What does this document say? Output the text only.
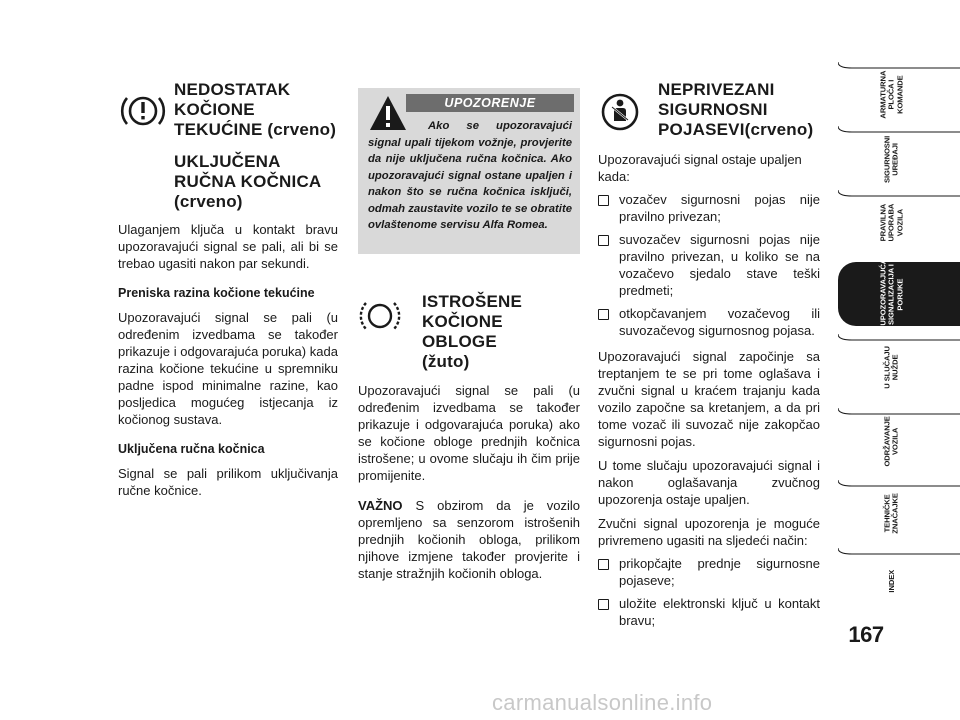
NEDOSTATAK
KOČIONE
TEKUĆINE (crveno)
UKLJUČENA
RUČNA KOČNICA
(crveno)

Ulaganjem ključa u kontakt bravu upozoravajući signal se pali, ali bi se trebao ugasiti nakon par sekundi.

Preniska razina kočione tekućine

Upozoravajući signal se pali (u određenim izvedbama se također prikazuje i odgovarajuća poruka) kada razina kočione tekućine u spremniku padne ispod minimalne razine, kao posljedica mogućeg istjecanja iz kočionog sustava.

Uključena ručna kočnica

Signal se pali prilikom uključivanja ručne kočnice.

UPOZORENJE
Ako se upozoravajući signal upali tijekom vožnje, provjerite da nije uključena ručna kočnica. Ako upozoravajući signal ostane upaljen i nakon što se ručna kočnica isključi, odmah zaustavite vozilo te se obratite ovlaštenome servisu Alfa Romea.
ISTROŠENE
KOČIONE OBLOGE
(žuto)

Upozoravajući signal se pali (u određenim izvedbama se također prikazuje i odgovarajuća poruka) ako se kočione obloge prednjih kočnica istrošene; u ovome slučaju ih čim prije promijenite.

VAŽNO S obzirom da je vozilo opremljeno sa senzorom istrošenih prednjih kočionih obloga, prilikom njihove izmjene također provjerite i stanje stražnjih kočionih obloga.

NEPRIVEZANI
SIGURNOSNI
POJASEVI(crveno)

Upozoravajući signal ostaje upaljen kada:

vozačev sigurnosni pojas nije pravilno privezan;
suvozačev sigurnosni pojas nije pravilno privezan, u koliko se na vozačevo sjedalo stave teški predmeti;
otkopčavanjem vozačevog ili suvozačevog sigurnosnog pojasa.

Upozoravajući signal započinje sa treptanjem te se pri tome oglašava i zvučni signal u kraćem trajanju kada vozilo započne sa kretanjem, a da pri tome vozač ili suvozač nije zakopčao sigurnosni pojas.

U tome slučaju upozoravajući signal i nakon oglašavanja zvučnog upozorenja ostaje upaljen.

Zvučni signal upozorenja je moguće privremeno ugasiti na sljedeći način:

prikopčajte prednje sigurnosne pojaseve;
uložite elektronski ključ u kontakt bravu;
ARMATURNA
PLOČA I
KOMANDE
SIGURNOSNI
UREĐAJI
PRAVILNA
UPORABA
VOZILA
UPOZORAVAJUĆA
SIGNALIZACIJA I
PORUKE
U SLUČAJU
NUŽDE
ODRŽAVANJE
VOZILA
TEHNIČKE
ZNAČAJKE
INDEX
167
carmanualsonline.info
